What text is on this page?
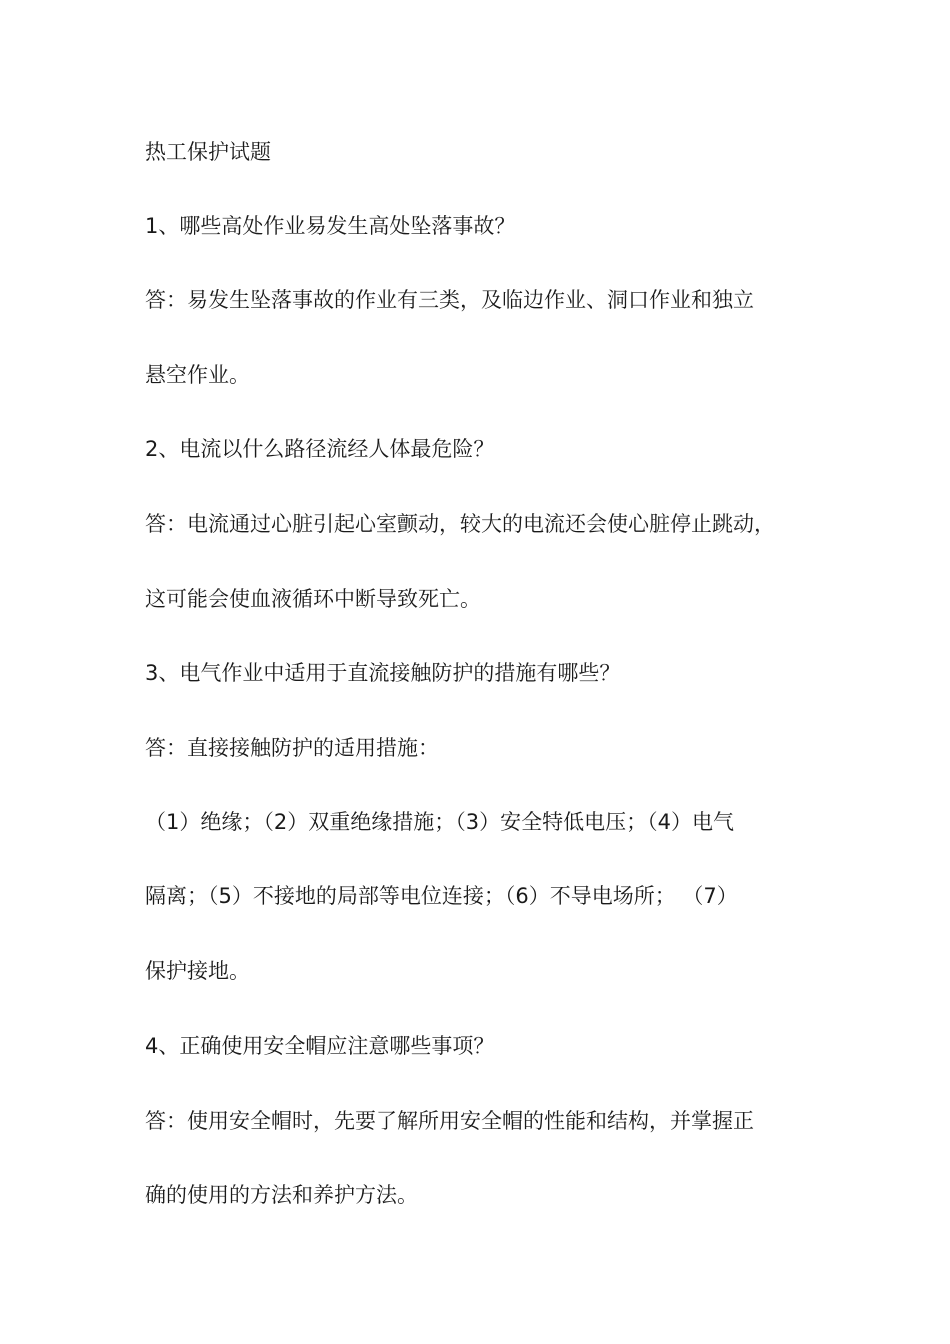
热工保护试题
1、哪些高处作业易发生高处坠落事故？
答：易发生坠落事故的作业有三类，及临边作业、洞口作业和独立
悬空作业。
2、电流以什么路径流经人体最危险？
答：电流通过心脏引起心室颤动，较大的电流还会使心脏停止跳动，
这可能会使血液循环中断导致死亡。
3、电气作业中适用于直流接触防护的措施有哪些？
答：直接接触防护的适用措施：
（1）绝缘；（2）双重绝缘措施；（3）安全特低电压；（4）电气
隔离；（5）不接地的局部等电位连接；（6）不导电场所； （7）
保护接地。
4、正确使用安全帽应注意哪些事项？
答：使用安全帽时，先要了解所用安全帽的性能和结构，并掌握正
确的使用的方法和养护方法。
